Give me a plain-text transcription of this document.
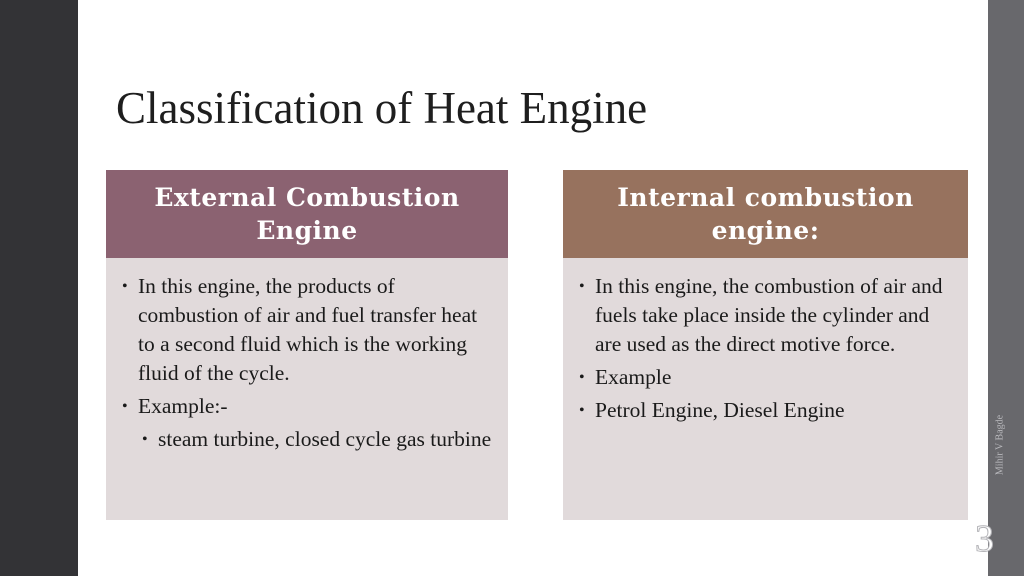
Classification of Heat Engine
External Combustion Engine
• In this engine, the products of combustion of air and fuel transfer heat to a second fluid which is the working fluid of the cycle.
• Example:-
• steam turbine, closed cycle gas turbine
Internal combustion engine:
• In this engine, the combustion of air and fuels take place inside the cylinder and are used as the direct motive force.
• Example
• Petrol Engine, Diesel Engine
Mihir V Bagde
3
